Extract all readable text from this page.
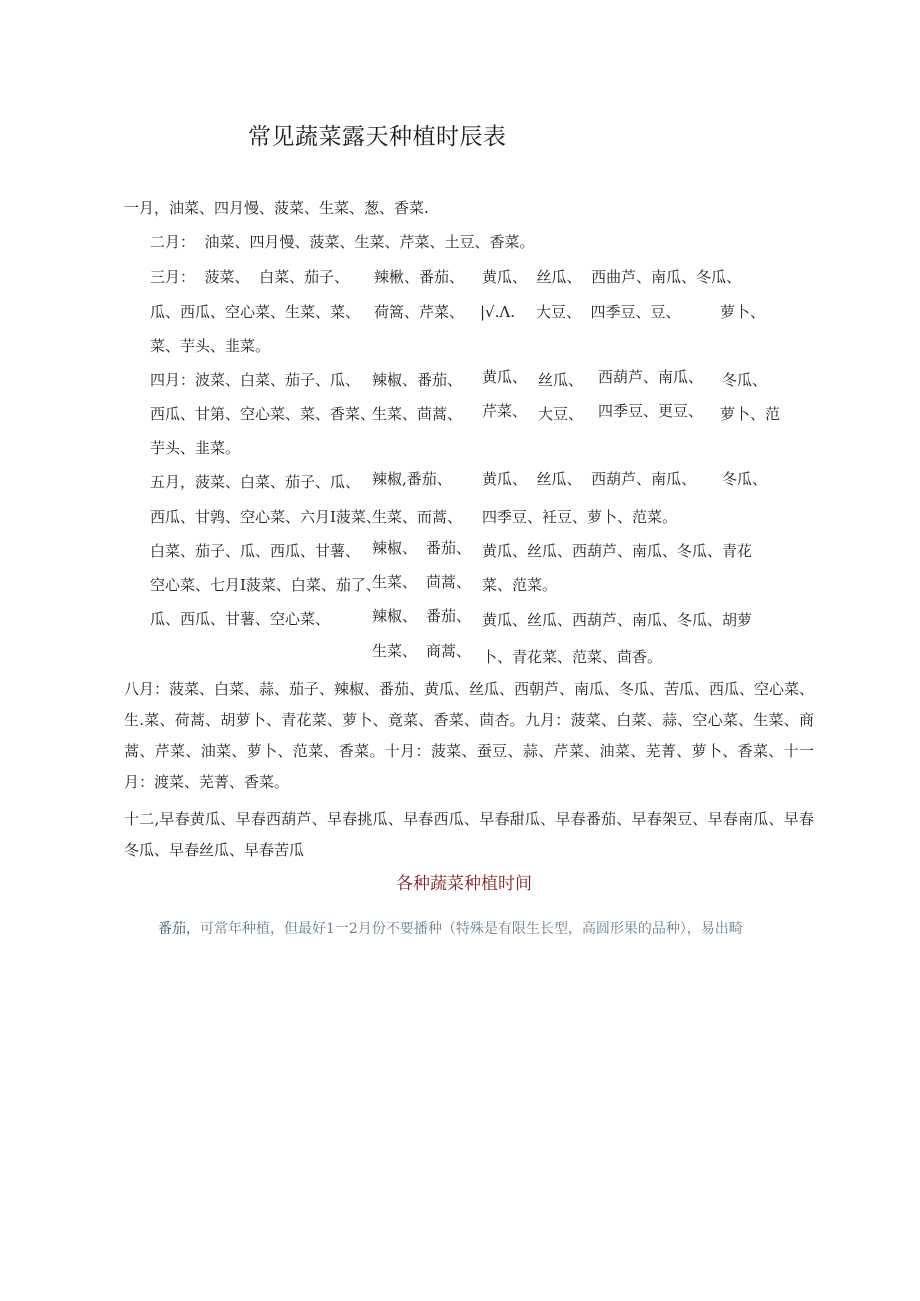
常见蔬菜露天种植时辰表
一月，油菜、四月慢、菠菜、生菜、葱、香菜.
二月：  油菜、四月慢、菠菜、生菜、芹菜、土豆、香菜。
三月：  菠菜、  白菜、茄子、 辣楸、番茄、 黄瓜、  丝瓜、  西曲芦、南瓜、冬瓜、
瓜、西瓜、空心菜、生菜、菜、 荷篙、芹菜、 |√.Λ. 大豆、  四季豆、豆、	萝卜、
菜、芋头、韭菜。
四月：波菜、白菜、茄子、瓜、 辣椒、番茄、 黄瓜、 丝瓜、 西葫芦、南瓜、 冬瓜、
西瓜、甘第、空心菜、菜、香菜、
生菜、茴蒿、 芹菜、 大豆、 四季豆、更豆、 萝卜、范
芋头、韭菜。
五月，菠菜、白菜、茄子、瓜、 辣椒,番茄、 黄瓜、  丝瓜、  西葫芦、南瓜、 冬瓜、
西瓜、甘鹑、空心菜、六月I菠菜、
生菜、而蒿、 四季豆、衽豆、萝卜、范菜。
白菜、茄子、瓜、西瓜、甘薯、 辣椒、 番茄、 黄瓜、丝瓜、西葫芦、南瓜、冬瓜、青花
空心菜、七月I菠菜、白菜、茄了、
生菜、 茴蒿、 菜、范菜。
瓜、西瓜、甘薯、空心菜、	辣椒、 番茄、 黄瓜、丝瓜、西葫芦、南瓜、冬瓜、胡萝
生菜、 商蒿、 卜、青花菜、范菜、茴香。
八月：菠菜、白菜、蒜、茄子、辣椒、番茄、黄瓜、丝瓜、西朝芦、南瓜、冬瓜、苦瓜、西瓜、空心菜、生.菜、荷蒿、胡萝卜、青花菜、萝卜、竟菜、香菜、茴杏。九月：菠菜、白菜、蒜、空心菜、生菜、商蒿、芹菜、油菜、萝卜、范菜、香菜。十月：菠菜、蚕豆、蒜、芹菜、油菜、芜菁、萝卜、香菜、十一月：渡菜、芜菁、香菜。
十二,早春黄瓜、早春西葫芦、早春挑瓜、早春西瓜、早春甜瓜、早春番茄、早春架豆、早春南瓜、早春冬瓜、早春丝瓜、早春苦瓜
各种蔬菜种植时间
番茄，可常年种植，但最好1一2月份不要播种（特殊是有限生长型，高圆形果的品种），易出畸
